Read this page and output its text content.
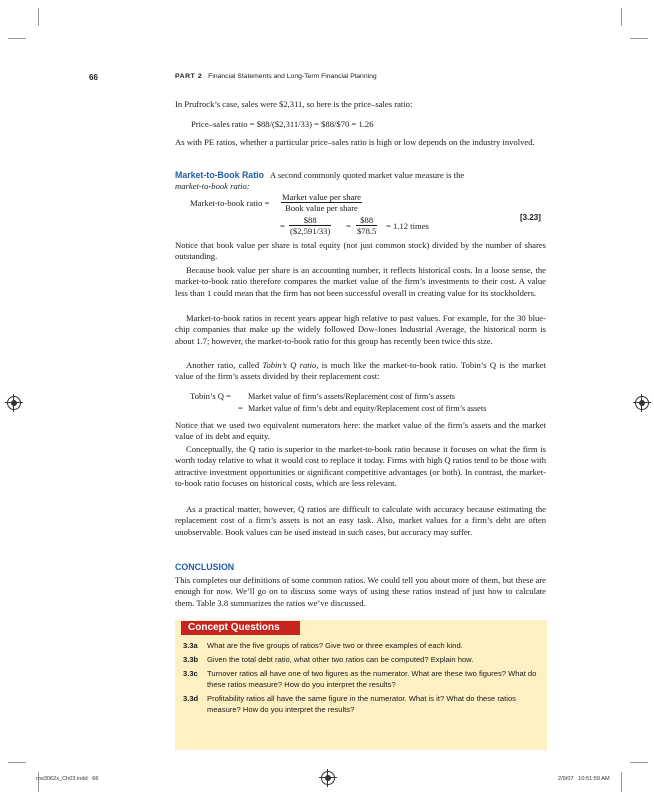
66	PART 2 Financial Statements and Long-Term Financial Planning
In Prufrock’s case, sales were $2,311, so here is the price–sales ratio:
Price–sales ratio = $88/($2,311/33) = $88/$70 = 1.26
As with PE ratios, whether a particular price–sales ratio is high or low depends on the industry involved.
Market-to-Book Ratio A second commonly quoted market value measure is the
market-to-book ratio:
Market-to-book ratio =
Market value per share
Book value per share
= $\frac{\$88}{(\$2,591/33)} = \frac{\$88}{\$78.5} = 1.12$ times
[3.23]
Notice that book value per share is total equity (not just common stock) divided by the number of shares outstanding.
Because book value per share is an accounting number, it reflects historical costs. In a loose sense, the market-to-book ratio therefore compares the market value of the firm’s investments to their cost. A value less than 1 could mean that the firm has not been successful overall in creating value for its stockholders.
Market-to-book ratios in recent years appear high relative to past values. For example, for the 30 blue-chip companies that make up the widely followed Dow-Jones Industrial Average, the historical norm is about 1.7; however, the market-to-book ratio for this group has recently been twice this size.
Another ratio, called Tobin’s Q ratio, is much like the market-to-book ratio. Tobin’s Q is the market value of the firm’s assets divided by their replacement cost:
Tobin’s Q = Market value of firm’s assets/Replacement cost of firm’s assets
= Market value of firm’s debt and equity/Replacement cost of firm’s assets
Notice that we used two equivalent numerators here: the market value of the firm’s assets and the market value of its debt and equity.
Conceptually, the Q ratio is superior to the market-to-book ratio because it focuses on what the firm is worth today relative to what it would cost to replace it today. Firms with high Q ratios tend to be those with attractive investment opportunities or significant competitive advantages (or both). In contrast, the market-to-book ratio focuses on historical costs, which are less relevant.
As a practical matter, however, Q ratios are difficult to calculate with accuracy because estimating the replacement cost of a firm’s assets is not an easy task. Also, market values for a firm’s debt are often unobservable. Book values can be used instead in such cases, but accuracy may suffer.
CONCLUSION
This completes our definitions of some common ratios. We could tell you about more of them, but these are enough for now. We’ll go on to discuss some ways of using these ratios instead of just how to calculate them. Table 3.8 summarizes the ratios we’ve discussed.
Concept Questions
3.3a What are the five groups of ratios? Give two or three examples of each kind.
3.3b Given the total debt ratio, what other two ratios can be computed? Explain how.
3.3c Turnover ratios all have one of two figures as the numerator. What are these two figures? What do these ratios measure? How do you interpret the results?
3.3d Profitability ratios all have the same figure in the numerator. What is it? What do these ratios measure? How do you interpret the results?
ros3062x_Ch03.indd   66	2/9/07   10:51:59 AM
